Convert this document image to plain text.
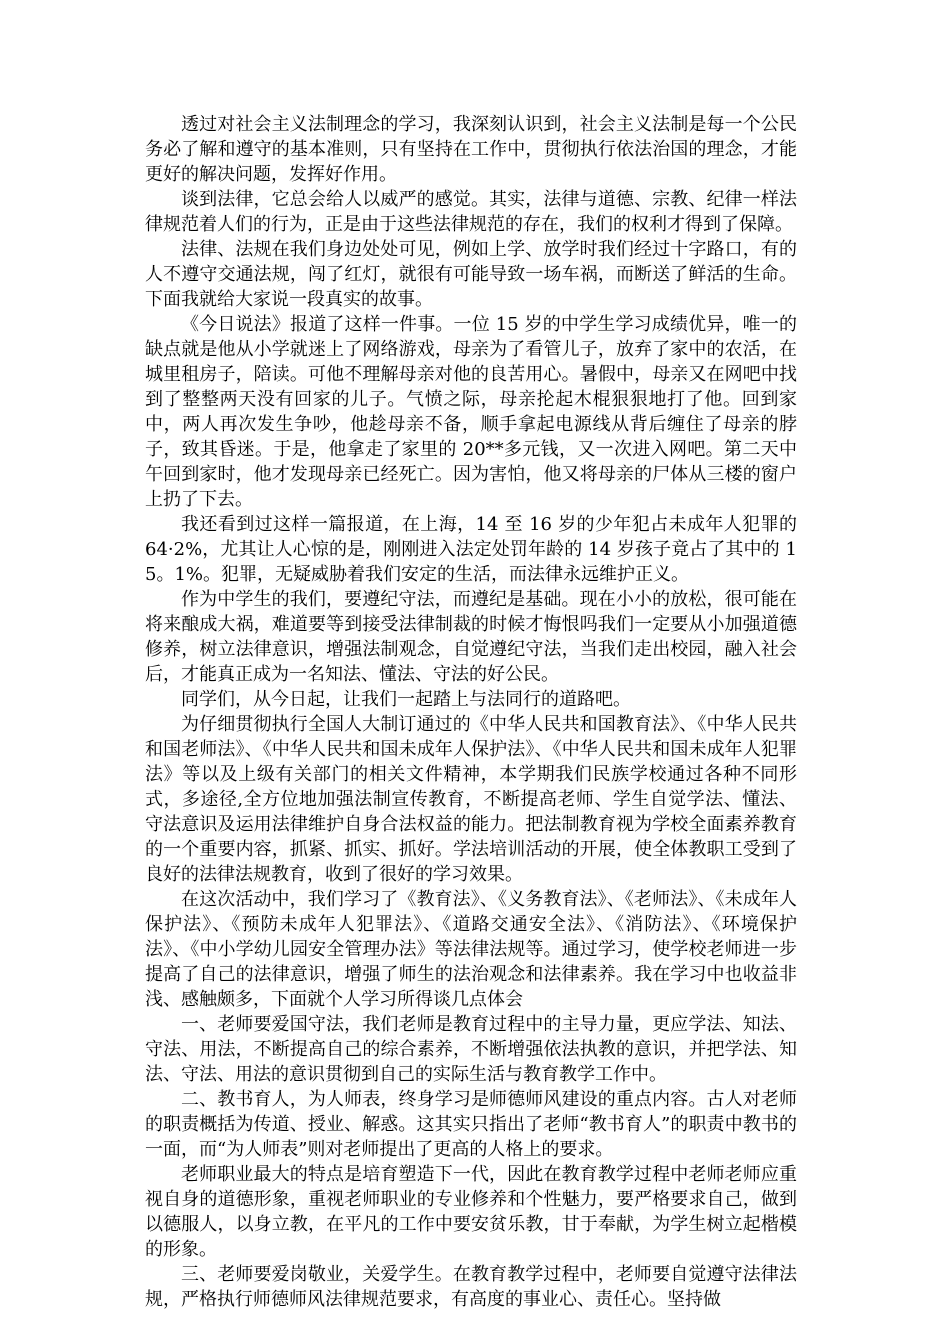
透过对社会主义法制理念的学习，我深刻认识到，社会主义法制是每一个公民务必了解和遵守的基本准则，只有坚持在工作中，贯彻执行依法治国的理念，才能更好的解决问题，发挥好作用。

谈到法律，它总会给人以威严的感觉。其实，法律与道德、宗教、纪律一样法律规范着人们的行为，正是由于这些法律规范的存在，我们的权利才得到了保障。

法律、法规在我们身边处处可见，例如上学、放学时我们经过十字路口，有的人不遵守交通法规，闯了红灯，就很有可能导致一场车祸，而断送了鲜活的生命。下面我就给大家说一段真实的故事。

《今日说法》报道了这样一件事。一位 15 岁的中学生学习成绩优异，唯一的缺点就是他从小学就迷上了网络游戏，母亲为了看管儿子，放弃了家中的农活，在城里租房子，陪读。可他不理解母亲对他的良苦用心。暑假中，母亲又在网吧中找到了整整两天没有回家的儿子。气愤之际，母亲抡起木棍狠狠地打了他。回到家中，两人再次发生争吵，他趁母亲不备，顺手拿起电源线从背后缠住了母亲的脖子，致其昏迷。于是，他拿走了家里的 20**多元钱，又一次进入网吧。第二天中午回到家时，他才发现母亲已经死亡。因为害怕，他又将母亲的尸体从三楼的窗户上扔了下去。

我还看到过这样一篇报道，在上海，14 至 16 岁的少年犯占未成年人犯罪的 64·2%，尤其让人心惊的是，刚刚进入法定处罚年龄的 14 岁孩子竟占了其中的 15。1%。犯罪，无疑威胁着我们安定的生活，而法律永远维护正义。

作为中学生的我们，要遵纪守法，而遵纪是基础。现在小小的放松，很可能在将来酿成大祸，难道要等到接受法律制裁的时候才悔恨吗我们一定要从小加强道德修养，树立法律意识，增强法制观念，自觉遵纪守法，当我们走出校园，融入社会后，才能真正成为一名知法、懂法、守法的好公民。

同学们，从今日起，让我们一起踏上与法同行的道路吧。

为仔细贯彻执行全国人大制订通过的《中华人民共和国教育法》、《中华人民共和国老师法》、《中华人民共和国未成年人保护法》、《中华人民共和国未成年人犯罪法》等以及上级有关部门的相关文件精神，本学期我们民族学校通过各种不同形式，多途径,全方位地加强法制宣传教育，不断提高老师、学生自觉学法、懂法、守法意识及运用法律维护自身合法权益的能力。把法制教育视为学校全面素养教育的一个重要内容，抓紧、抓实、抓好。学法培训活动的开展，使全体教职工受到了良好的法律法规教育，收到了很好的学习效果。

在这次活动中，我们学习了《教育法》、《义务教育法》、《老师法》、《未成年人保护法》、《预防未成年人犯罪法》、《道路交通安全法》、《消防法》、《环境保护法》、《中小学幼儿园安全管理办法》等法律法规等。通过学习，使学校老师进一步提高了自己的法律意识，增强了师生的法治观念和法律素养。我在学习中也收益非浅、感触颇多，下面就个人学习所得谈几点体会

一、老师要爱国守法，我们老师是教育过程中的主导力量，更应学法、知法、守法、用法，不断提高自己的综合素养，不断增强依法执教的意识，并把学法、知法、守法、用法的意识贯彻到自己的实际生活与教育教学工作中。

二、教书育人，为人师表，终身学习是师德师风建设的重点内容。古人对老师的职责概括为传道、授业、解惑。这其实只指出了老师“教书育人”的职责中教书的一面，而“为人师表”则对老师提出了更高的人格上的要求。

老师职业最大的特点是培育塑造下一代，因此在教育教学过程中老师老师应重视自身的道德形象，重视老师职业的专业修养和个性魅力，要严格要求自己，做到以德服人，以身立教，在平凡的工作中要安贫乐教，甘于奉献，为学生树立起楷模的形象。

三、老师要爱岗敬业，关爱学生。在教育教学过程中，老师要自觉遵守法律法规，严格执行师德师风法律规范要求，有高度的事业心、责任心。坚持做
